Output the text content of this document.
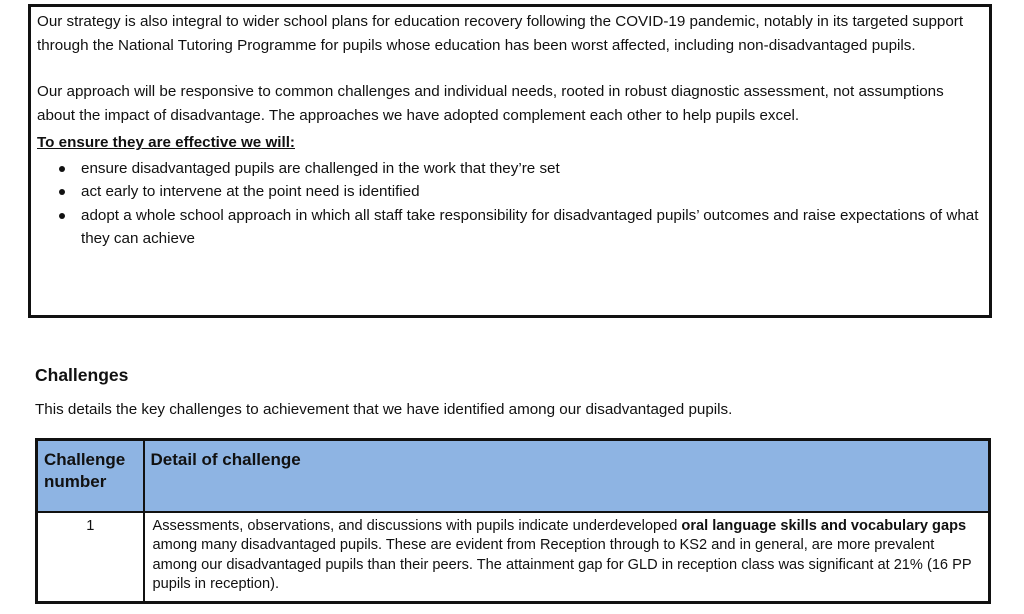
Our strategy is also integral to wider school plans for education recovery following the COVID-19 pandemic, notably in its targeted support through the National Tutoring Programme for pupils whose education has been worst affected, including non-disadvantaged pupils.

Our approach will be responsive to common challenges and individual needs, rooted in robust diagnostic assessment, not assumptions about the impact of disadvantage. The approaches we have adopted complement each other to help pupils excel.

To ensure they are effective we will:

ensure disadvantaged pupils are challenged in the work that they’re set
act early to intervene at the point need is identified
adopt a whole school approach in which all staff take responsibility for disadvantaged pupils’ outcomes and raise expectations of what they can achieve
Challenges

This details the key challenges to achievement that we have identified among our disadvantaged pupils.

Challenge number	Detail of challenge
1	Assessments, observations, and discussions with pupils indicate underdeveloped oral language skills and vocabulary gaps among many disadvantaged pupils. These are evident from Reception through to KS2 and in general, are more prevalent among our disadvantaged pupils than their peers. The attainment gap for GLD in reception class was significant at 21% (16 PP pupils in reception).
